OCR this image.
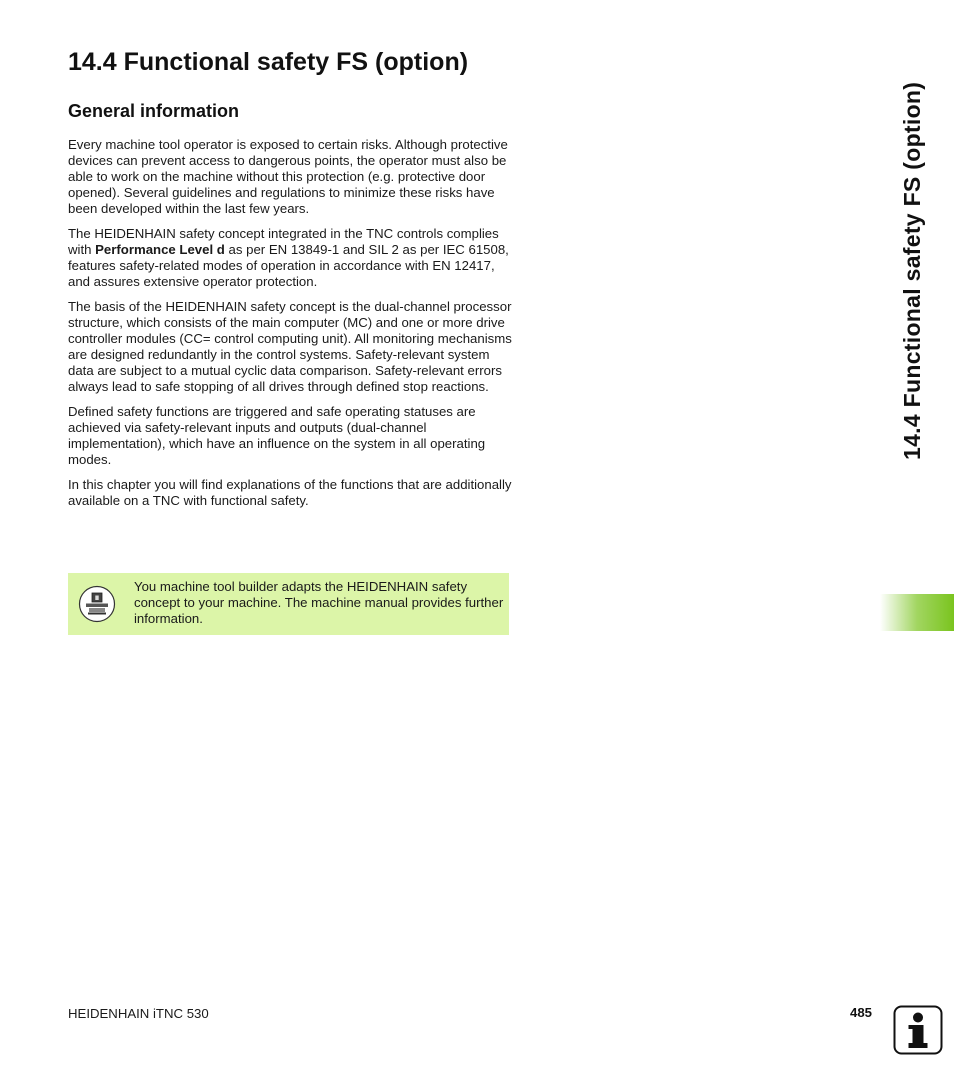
14.4 Functional safety FS (option)
General information

Every machine tool operator is exposed to certain risks. Although protective devices can prevent access to dangerous points, the operator must also be able to work on the machine without this protection (e.g. protective door opened). Several guidelines and regulations to minimize these risks have been developed within the last few years.

The HEIDENHAIN safety concept integrated in the TNC controls complies with Performance Level d as per EN 13849-1 and SIL 2 as per IEC 61508, features safety-related modes of operation in accordance with EN 12417, and assures extensive operator protection.

The basis of the HEIDENHAIN safety concept is the dual-channel processor structure, which consists of the main computer (MC) and one or more drive controller modules (CC= control computing unit). All monitoring mechanisms are designed redundantly in the control systems. Safety-relevant system data are subject to a mutual cyclic data comparison. Safety-relevant errors always lead to safe stopping of all drives through defined stop reactions.

Defined safety functions are triggered and safe operating statuses are achieved via safety-relevant inputs and outputs (dual-channel implementation), which have an influence on the system in all operating modes.

In this chapter you will find explanations of the functions that are additionally available on a TNC with functional safety.

You machine tool builder adapts the HEIDENHAIN safety concept to your machine. The machine manual provides further information.

14.4 Functional safety FS (option)
HEIDENHAIN iTNC 530	485
